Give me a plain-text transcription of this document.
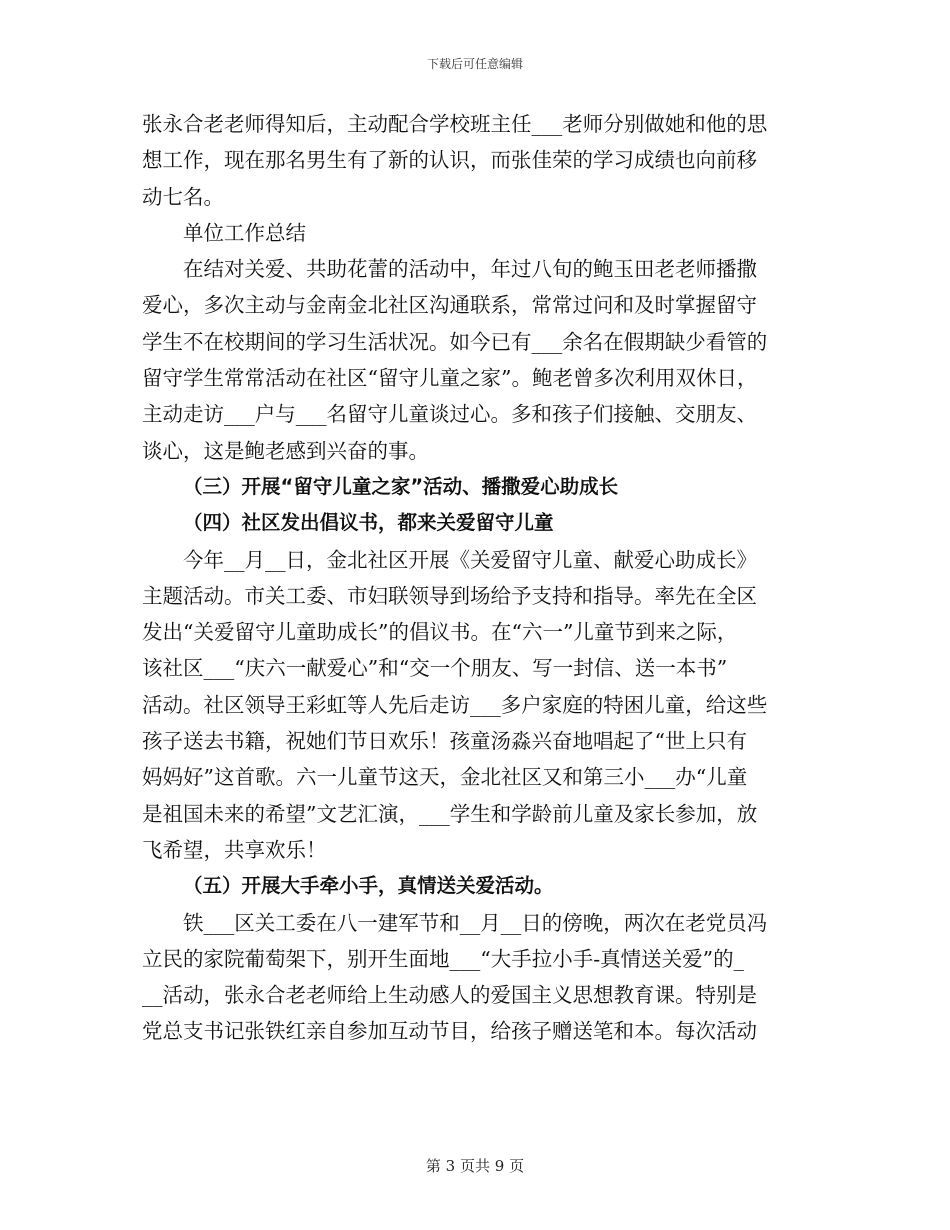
下载后可任意编辑
张永合老老师得知后，主动配合学校班主任___老师分别做她和他的思
想工作，现在那名男生有了新的认识，而张佳荣的学习成绩也向前移
动七名。
单位工作总结
在结对关爱、共助花蕾的活动中，年过八旬的鲍玉田老老师播撒
爱心，多次主动与金南金北社区沟通联系，常常过问和及时掌握留守
学生不在校期间的学习生活状况。如今已有___余名在假期缺少看管的
留守学生常常活动在社区“留守儿童之家”。鲍老曾多次利用双休日，
主动走访___户与___名留守儿童谈过心。多和孩子们接触、交朋友、
谈心，这是鲍老感到兴奋的事。
（三）开展“留守儿童之家”活动、播撒爱心助成长
（四）社区发出倡议书，都来关爱留守儿童
今年__月__日，金北社区开展《关爱留守儿童、献爱心助成长》
主题活动。市关工委、市妇联领导到场给予支持和指导。率先在全区
发出“关爱留守儿童助成长”的倡议书。在“六一”儿童节到来之际，
该社区___“庆六一献爱心”和“交一个朋友、写一封信、送一本书”
活动。社区领导王彩虹等人先后走访___多户家庭的特困儿童，给这些
孩子送去书籍，祝她们节日欢乐！孩童汤淼兴奋地唱起了“世上只有
妈妈好”这首歌。六一儿童节这天，金北社区又和第三小___办“儿童
是祖国未来的希望”文艺汇演，___学生和学龄前儿童及家长参加，放
飞希望，共享欢乐！
（五）开展大手牵小手，真情送关爱活动。
铁___区关工委在八一建军节和__月__日的傍晚，两次在老党员冯
立民的家院葡萄架下，别开生面地___“大手拉小手-真情送关爱”的_
__活动，张永合老老师给上生动感人的爱国主义思想教育课。特别是
党总支书记张铁红亲自参加互动节目，给孩子赠送笔和本。每次活动
第 3 页共 9 页
